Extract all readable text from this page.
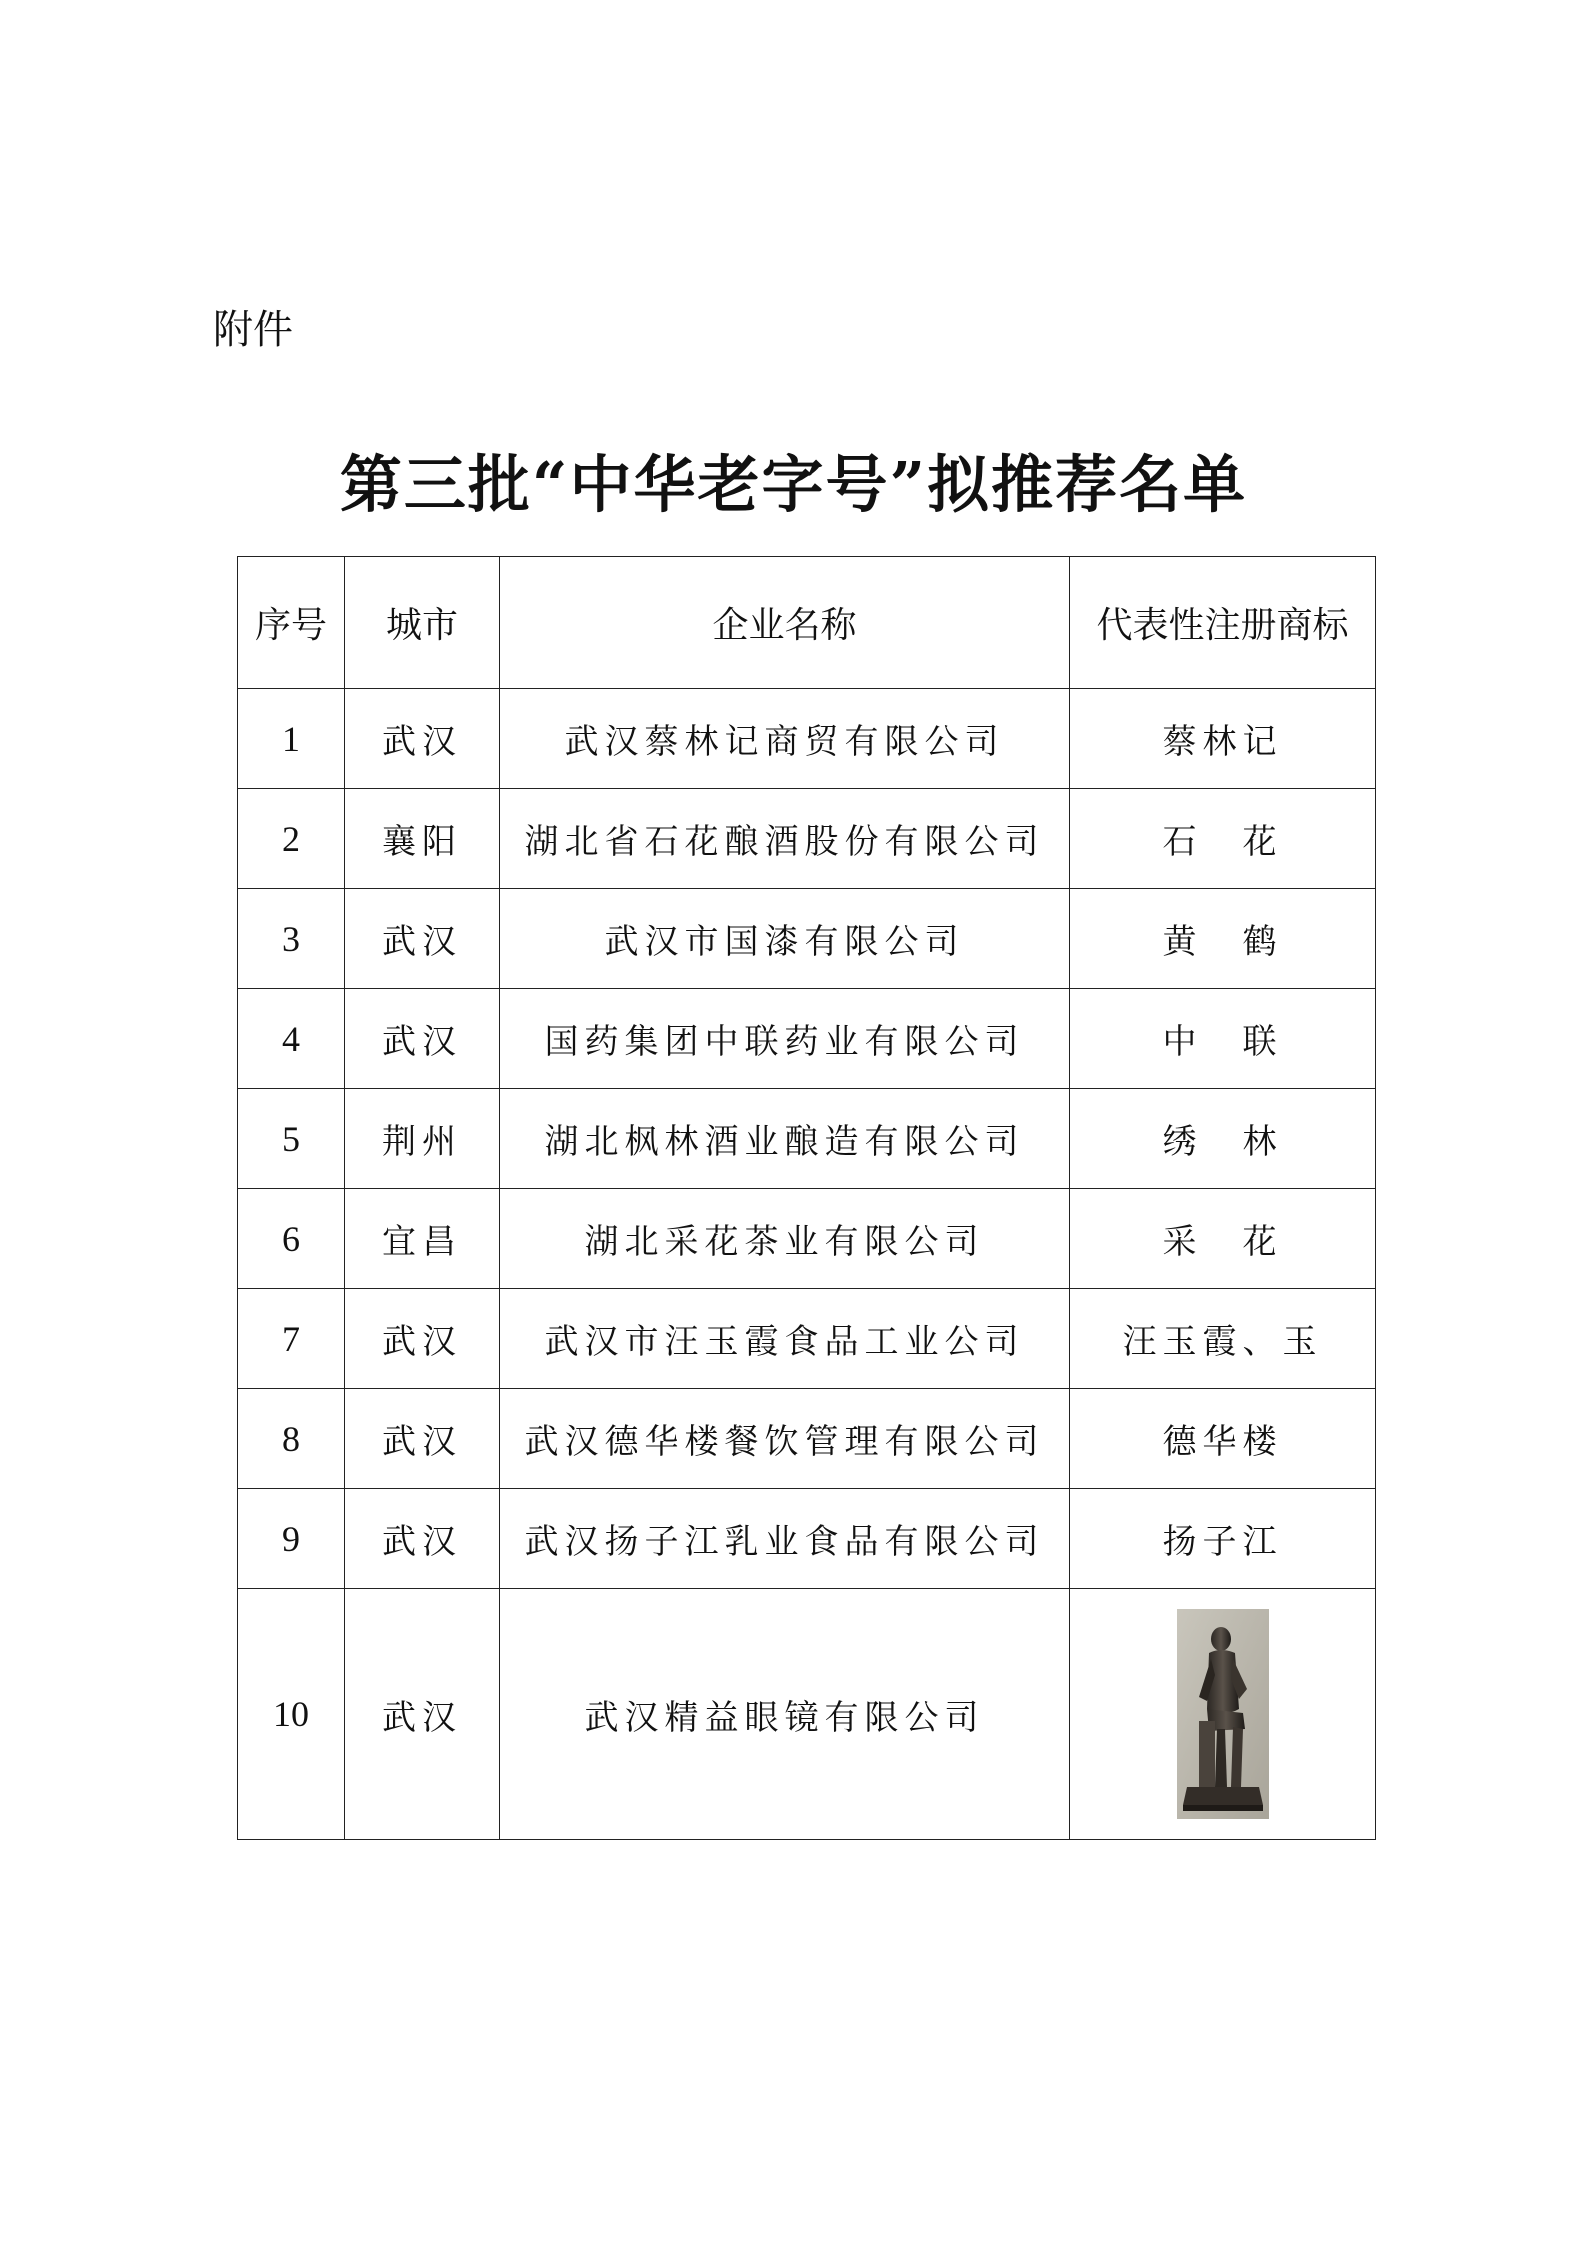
附件
第三批“中华老字号”拟推荐名单
序号	城市	企业名称	代表性注册商标
1	武汉	武汉蔡林记商贸有限公司	蔡林记
2	襄阳	湖北省石花酿酒股份有限公司	石　花
3	武汉	武汉市国漆有限公司	黄　鹤
4	武汉	国药集团中联药业有限公司	中　联
5	荆州	湖北枫林酒业酿造有限公司	绣　林
6	宜昌	湖北采花茶业有限公司	采　花
7	武汉	武汉市汪玉霞食品工业公司	汪玉霞、玉
8	武汉	武汉德华楼餐饮管理有限公司	德华楼
9	武汉	武汉扬子江乳业食品有限公司	扬子江
10	武汉	武汉精益眼镜有限公司	
